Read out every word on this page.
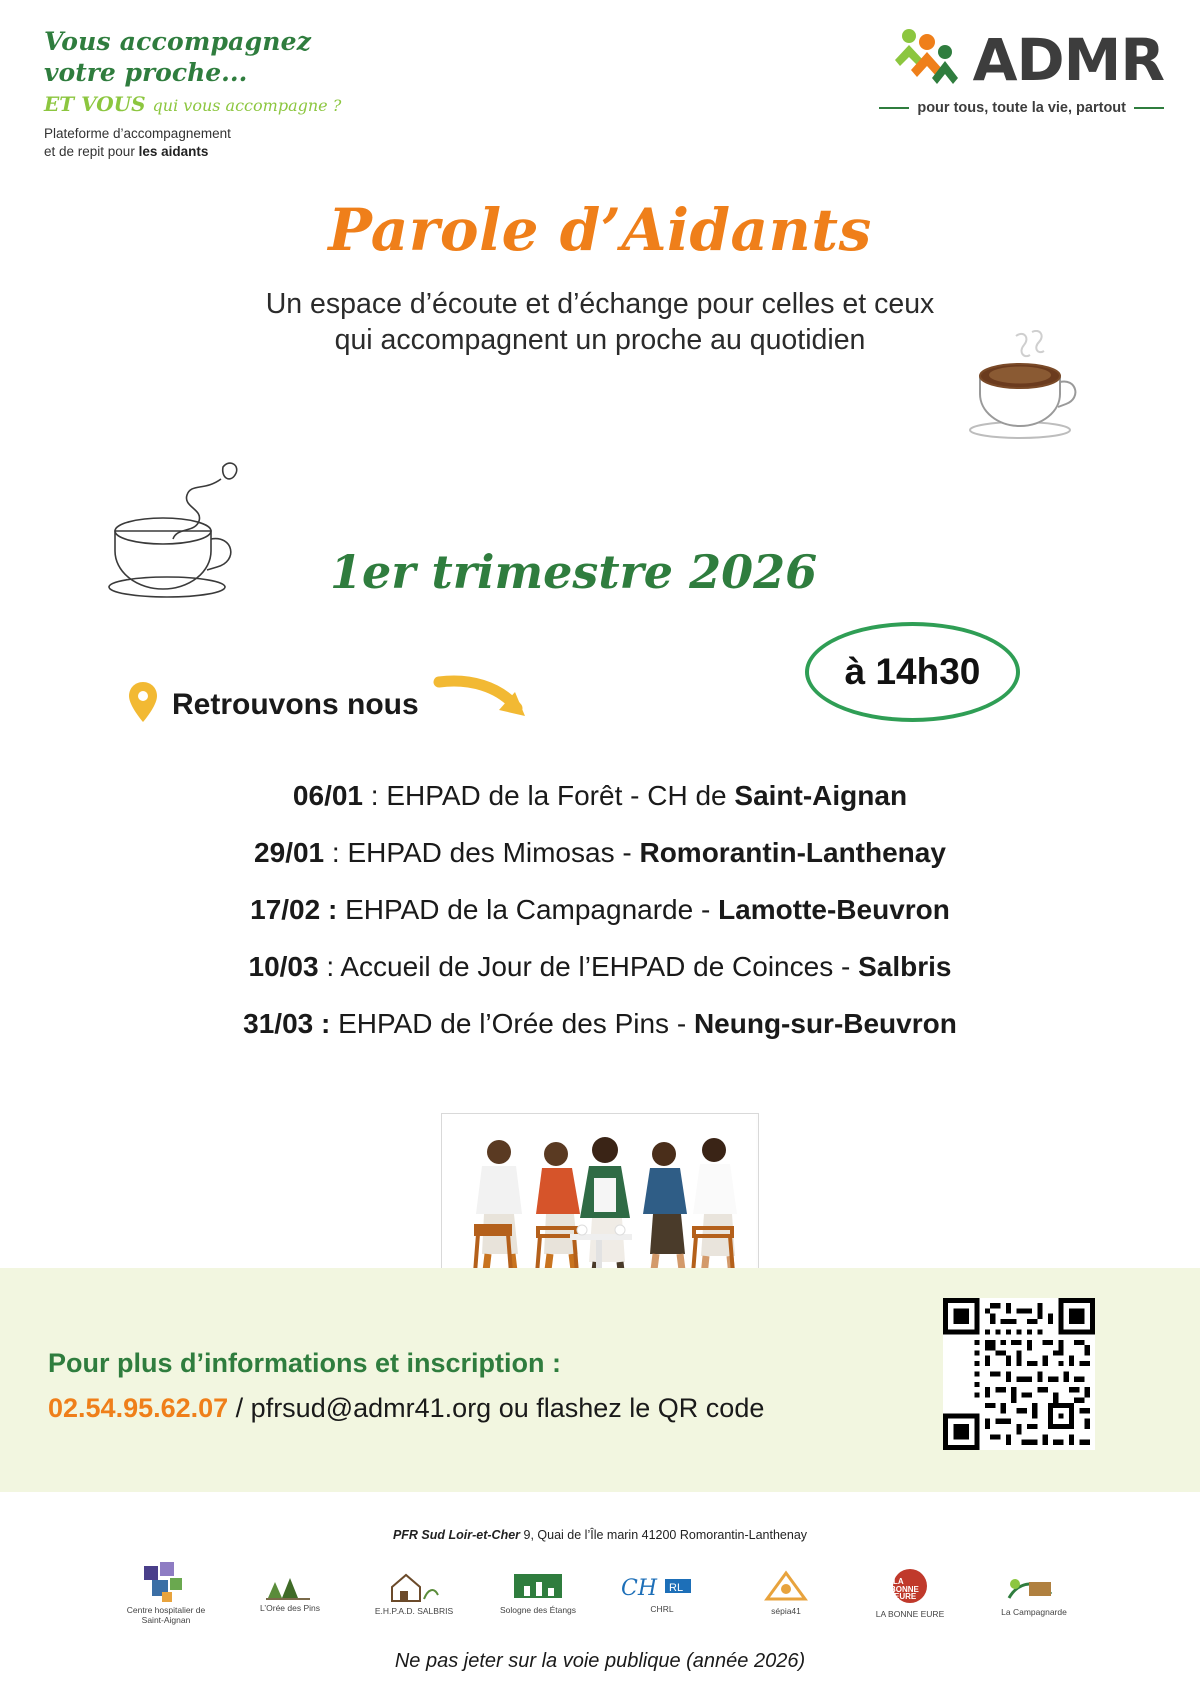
Vous accompagnez
votre proche...
ET VOUS qui vous accompagne ?
Plateforme d’accompagnement
et de repit pour les aidants
ADMR
pour tous, toute la vie, partout
Parole d’Aidants
Un espace d’écoute et d’échange pour celles et ceux
qui accompagnent un proche au quotidien
1er trimestre 2026
à 14h30
Retrouvons nous
06/01 : EHPAD de la Forêt - CH de Saint-Aignan
29/01 : EHPAD des Mimosas - Romorantin-Lanthenay
17/02 : EHPAD de la Campagnarde - Lamotte-Beuvron
10/03 : Accueil de Jour de l’EHPAD de Coinces - Salbris
31/03 : EHPAD de l’Orée des Pins - Neung-sur-Beuvron
Pour plus d’informations et inscription :
02.54.95.62.07 / pfrsud@admr41.org ou flashez le QR code
PFR Sud Loir-et-Cher 9, Quai de l’Île marin 41200 Romorantin-Lanthenay
Centre hospitalier de Saint-Aignan
L’Orée des Pins	E.H.P.A.D. SALBRIS	Sologne des Étangs
CH RL
CHRL	sépia41
LA
BONNE
EURE
LA BONNE EURE	La Campagnarde
Ne pas jeter sur la voie publique (année 2026)
